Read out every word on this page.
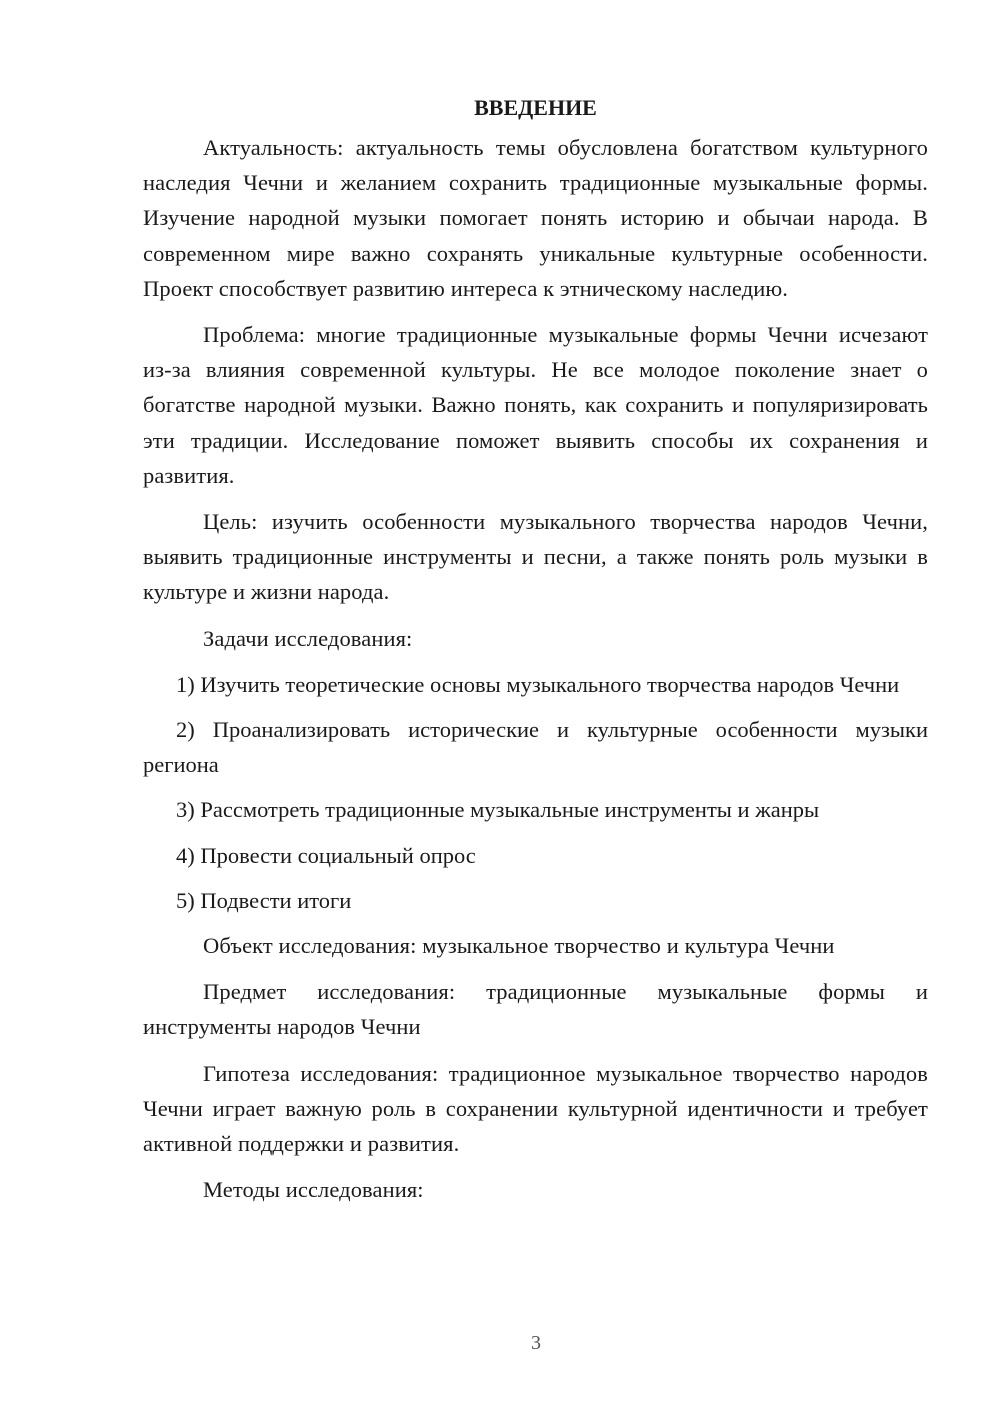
ВВЕДЕНИЕ

Актуальность: актуальность темы обусловлена богатством культурного наследия Чечни и желанием сохранить традиционные музыкальные формы. Изучение народной музыки помогает понять историю и обычаи народа. В современном мире важно сохранять уникальные культурные особенности. Проект способствует развитию интереса к этническому наследию.

Проблема: многие традиционные музыкальные формы Чечни исчезают из-за влияния современной культуры. Не все молодое поколение знает о богатстве народной музыки. Важно понять, как сохранить и популяризировать эти традиции. Исследование поможет выявить способы их сохранения и развития.

Цель: изучить особенности музыкального творчества народов Чечни, выявить традиционные инструменты и песни, а также понять роль музыки в культуре и жизни народа.

Задачи исследования:

1) Изучить теоретические основы музыкального творчества народов Чечни

2) Проанализировать исторические и культурные особенности музыки региона

3) Рассмотреть традиционные музыкальные инструменты и жанры

4) Провести социальный опрос

5) Подвести итоги

Объект исследования: музыкальное творчество и культура Чечни

Предмет исследования: традиционные музыкальные формы и инструменты народов Чечни

Гипотеза исследования: традиционное музыкальное творчество народов Чечни играет важную роль в сохранении культурной идентичности и требует активной поддержки и развития.

Методы исследования:

3
